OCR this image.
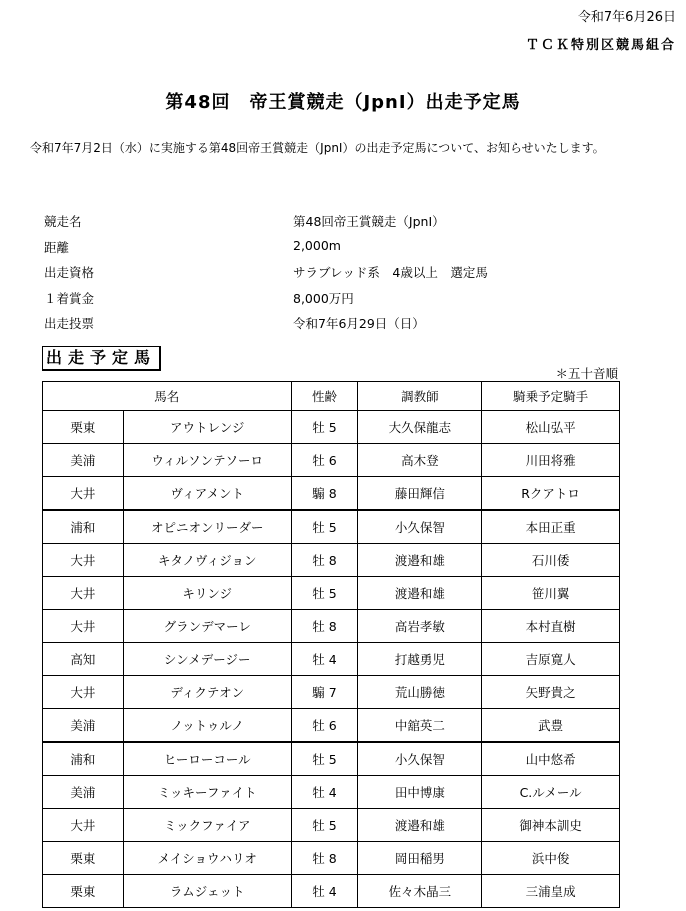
令和7年6月26日
ＴＣＫ特別区競馬組合
第48回　帝王賞競走（JpnⅠ）出走予定馬
令和7年7月2日（水）に実施する第48回帝王賞競走（JpnⅠ）の出走予定馬について、お知らせいたします。
競走名	第48回帝王賞競走（JpnⅠ）
距離	2,000m
出走資格	サラブレッド系　4歳以上　選定馬
１着賞金	8,000万円
出走投票	令和7年6月29日（日）
出走予定馬
＊五十音順
馬名		性齢	調教師	騎乗予定騎手
栗東	アウトレンジ	牡 5	大久保龍志	松山弘平
美浦	ウィルソンテソーロ	牡 6	高木登	川田将雅
大井	ヴィアメント	騸 8	藤田輝信	Rクアトロ
浦和	オピニオンリーダー	牡 5	小久保智	本田正重
大井	キタノヴィジョン	牡 8	渡邉和雄	石川倭
大井	キリンジ	牡 5	渡邉和雄	笹川翼
大井	グランデマーレ	牡 8	高岩孝敏	本村直樹
高知	シンメデージー	牡 4	打越勇児	吉原寛人
大井	ディクテオン	騸 7	荒山勝徳	矢野貴之
美浦	ノットゥルノ	牡 6	中舘英二	武豊
浦和	ヒーローコール	牡 5	小久保智	山中悠希
美浦	ミッキーファイト	牡 4	田中博康	C.ルメール
大井	ミックファイア	牡 5	渡邉和雄	御神本訓史
栗東	メイショウハリオ	牡 8	岡田稲男	浜中俊
栗東	ラムジェット	牡 4	佐々木晶三	三浦皇成
